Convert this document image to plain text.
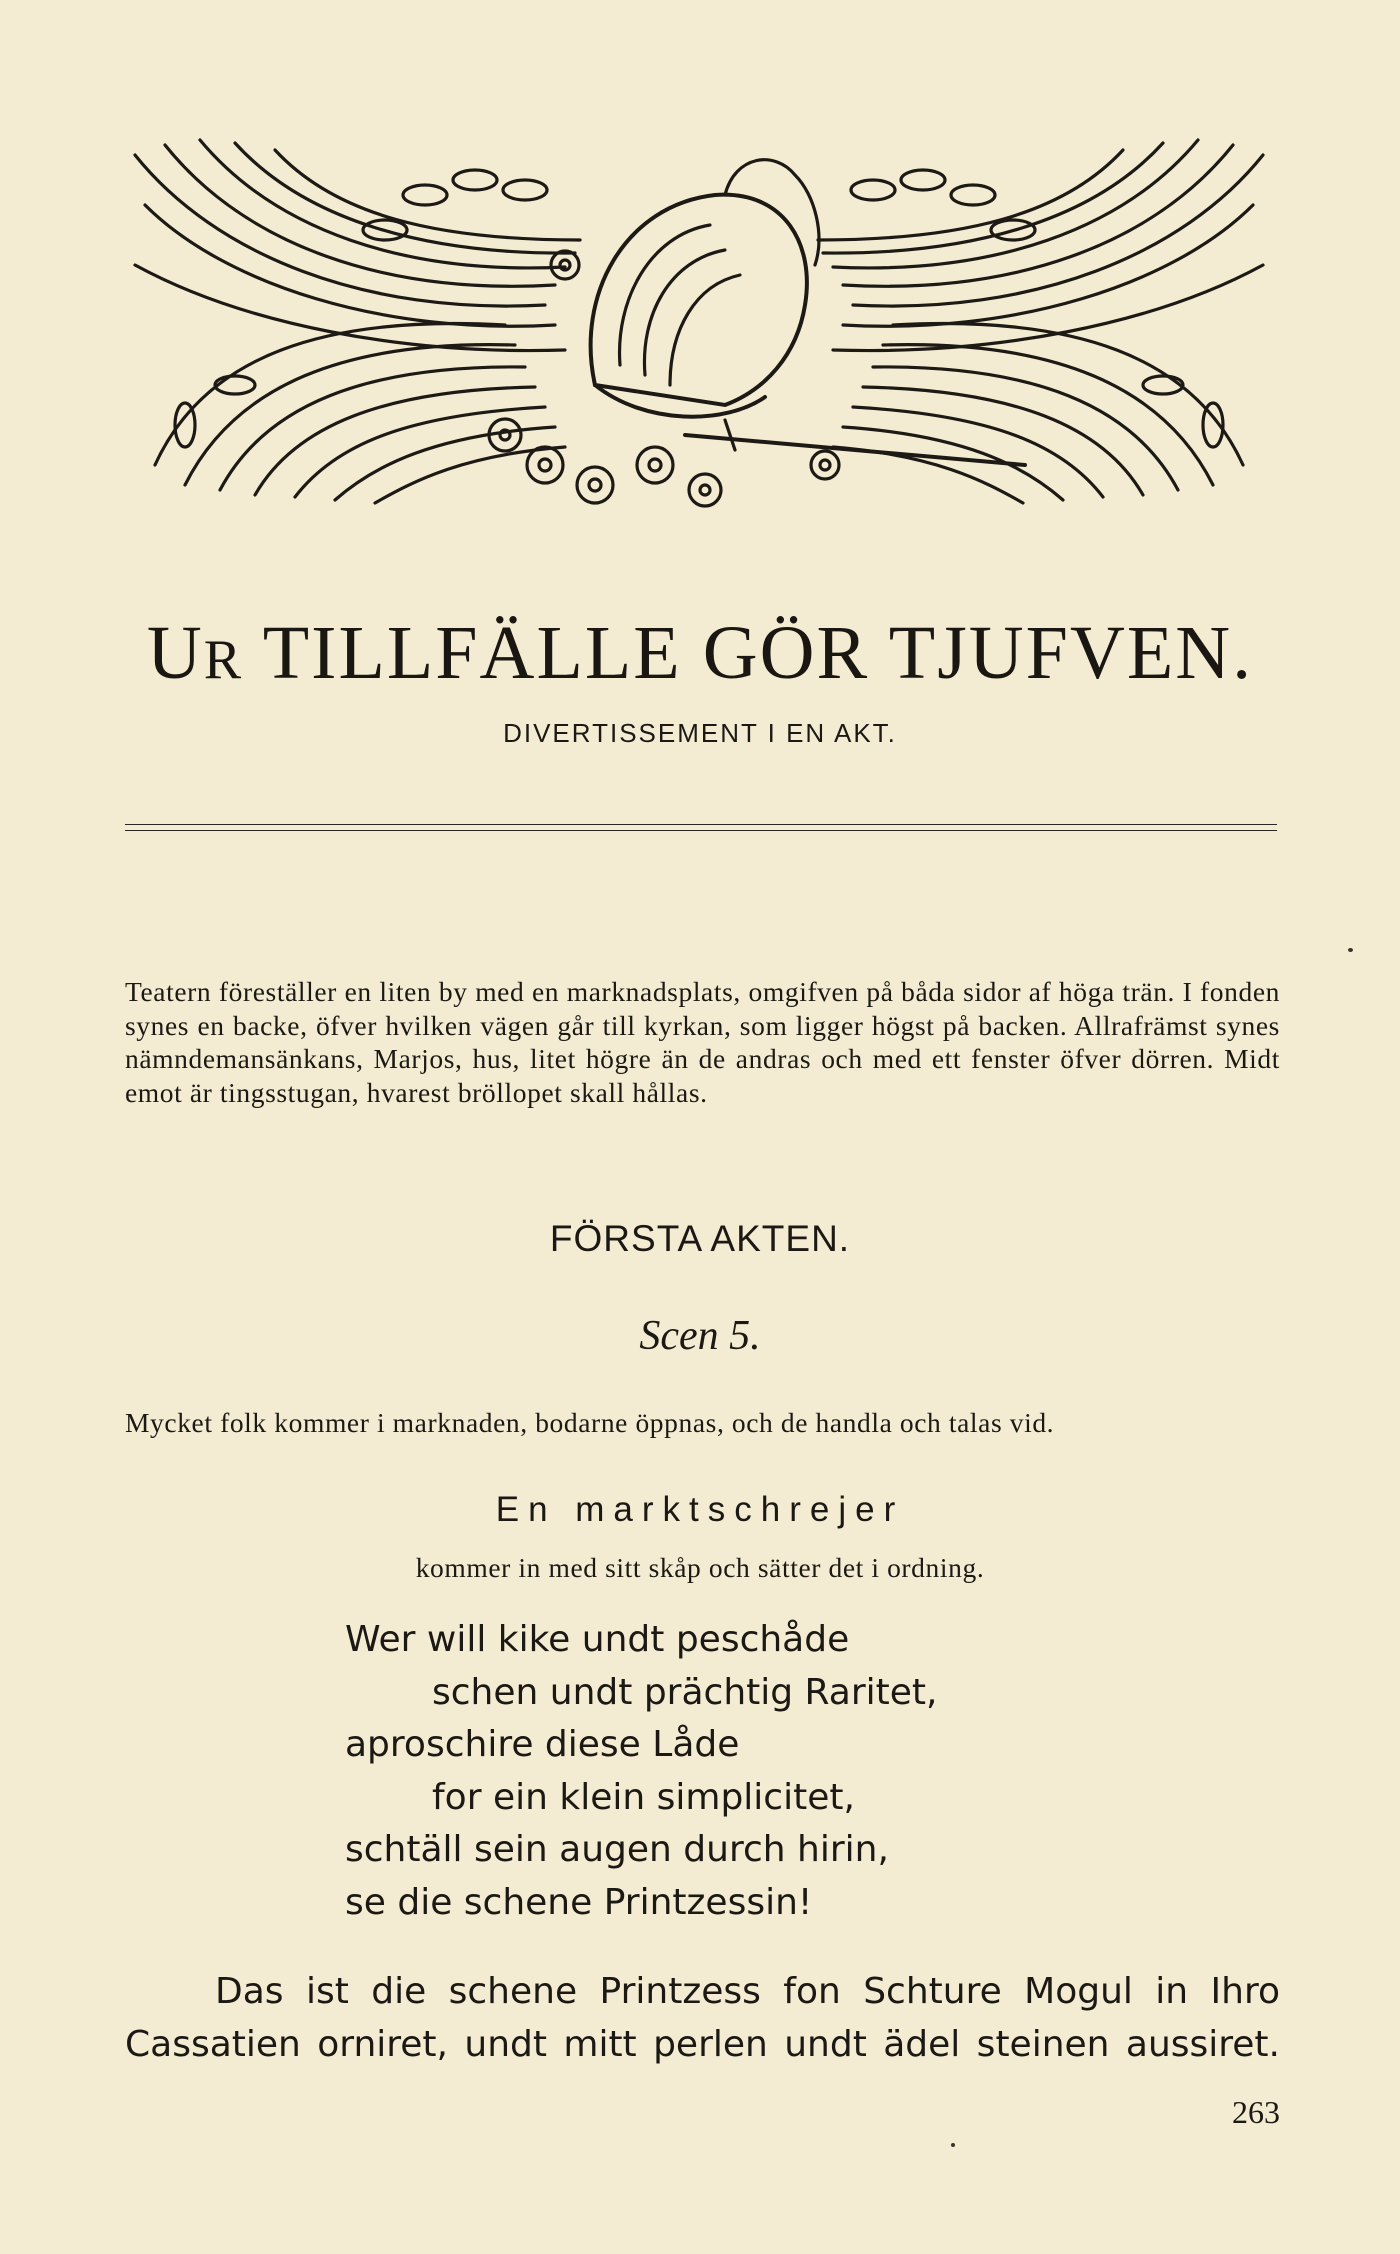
UR TILLFÄLLE GÖR TJUFVEN.
DIVERTISSEMENT I EN AKT.
Teatern föreställer en liten by med en marknadsplats, omgifven på båda sidor af höga trän. I fonden synes en backe, öfver hvilken vägen går till kyrkan, som ligger högst på backen. Allrafrämst synes nämndemansänkans, Marjos, hus, litet högre än de andras och med ett fenster öfver dörren. Midt emot är tingsstugan, hvarest bröllopet skall hållas.
FÖRSTA AKTEN.
Scen 5.
Mycket folk kommer i marknaden, bodarne öppnas, och de handla och talas vid.
En marktschrejer
kommer in med sitt skåp och sätter det i ordning.
Wer will kike undt peschåde
schen undt prächtig Raritet,
aproschire diese Låde
for ein klein simplicitet,
schtäll sein augen durch hirin,
se die schene Printzessin!
Das ist die schene Printzess fon Schture Mogul in Ihro
Cassatien orniret, undt mitt perlen undt ädel steinen aussiret.
263
